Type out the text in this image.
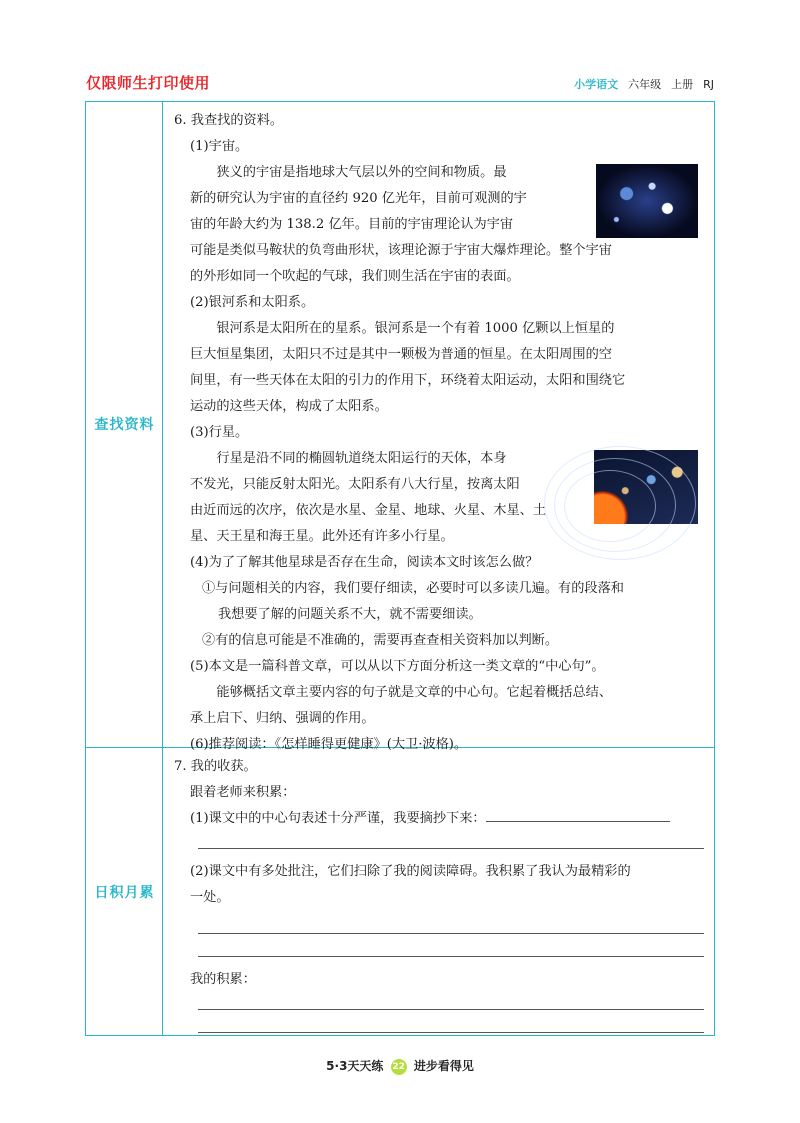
仅限师生打印使用	小学语文 六年级 上册 RJ
查找资料
日积月累

6. 我查找的资料。

(1)宇宙。

狭义的宇宙是指地球大气层以外的空间和物质。最

新的研究认为宇宙的直径约 920 亿光年，目前可观测的宇

宙的年龄大约为 138.2 亿年。目前的宇宙理论认为宇宙

可能是类似马鞍状的负弯曲形状，该理论源于宇宙大爆炸理论。整个宇宙

的外形如同一个吹起的气球，我们则生活在宇宙的表面。

(2)银河系和太阳系。

银河系是太阳所在的星系。银河系是一个有着 1000 亿颗以上恒星的

巨大恒星集团，太阳只不过是其中一颗极为普通的恒星。在太阳周围的空

间里，有一些天体在太阳的引力的作用下，环绕着太阳运动，太阳和围绕它

运动的这些天体，构成了太阳系。

(3)行星。

行星是沿不同的椭圆轨道绕太阳运行的天体，本身

不发光，只能反射太阳光。太阳系有八大行星，按离太阳

由近而远的次序，依次是水星、金星、地球、火星、木星、土

星、天王星和海王星。此外还有许多小行星。

(4)为了了解其他星球是否存在生命，阅读本文时该怎么做？

①与问题相关的内容，我们要仔细读，必要时可以多读几遍。有的段落和

我想要了解的问题关系不大，就不需要细读。

②有的信息可能是不准确的，需要再查查相关资料加以判断。

(5)本文是一篇科普文章，可以从以下方面分析这一类文章的“中心句”。

能够概括文章主要内容的句子就是文章的中心句。它起着概括总结、

承上启下、归纳、强调的作用。

(6)推荐阅读：《怎样睡得更健康》(大卫·波格)。

7. 我的收获。

跟着老师来积累：

(1)课文中的中心句表述十分严谨，我要摘抄下来：

(2)课文中有多处批注，它们扫除了我的阅读障碍。我积累了我认为最精彩的

一处。

我的积累：

5·3天天练 22 进步看得见
